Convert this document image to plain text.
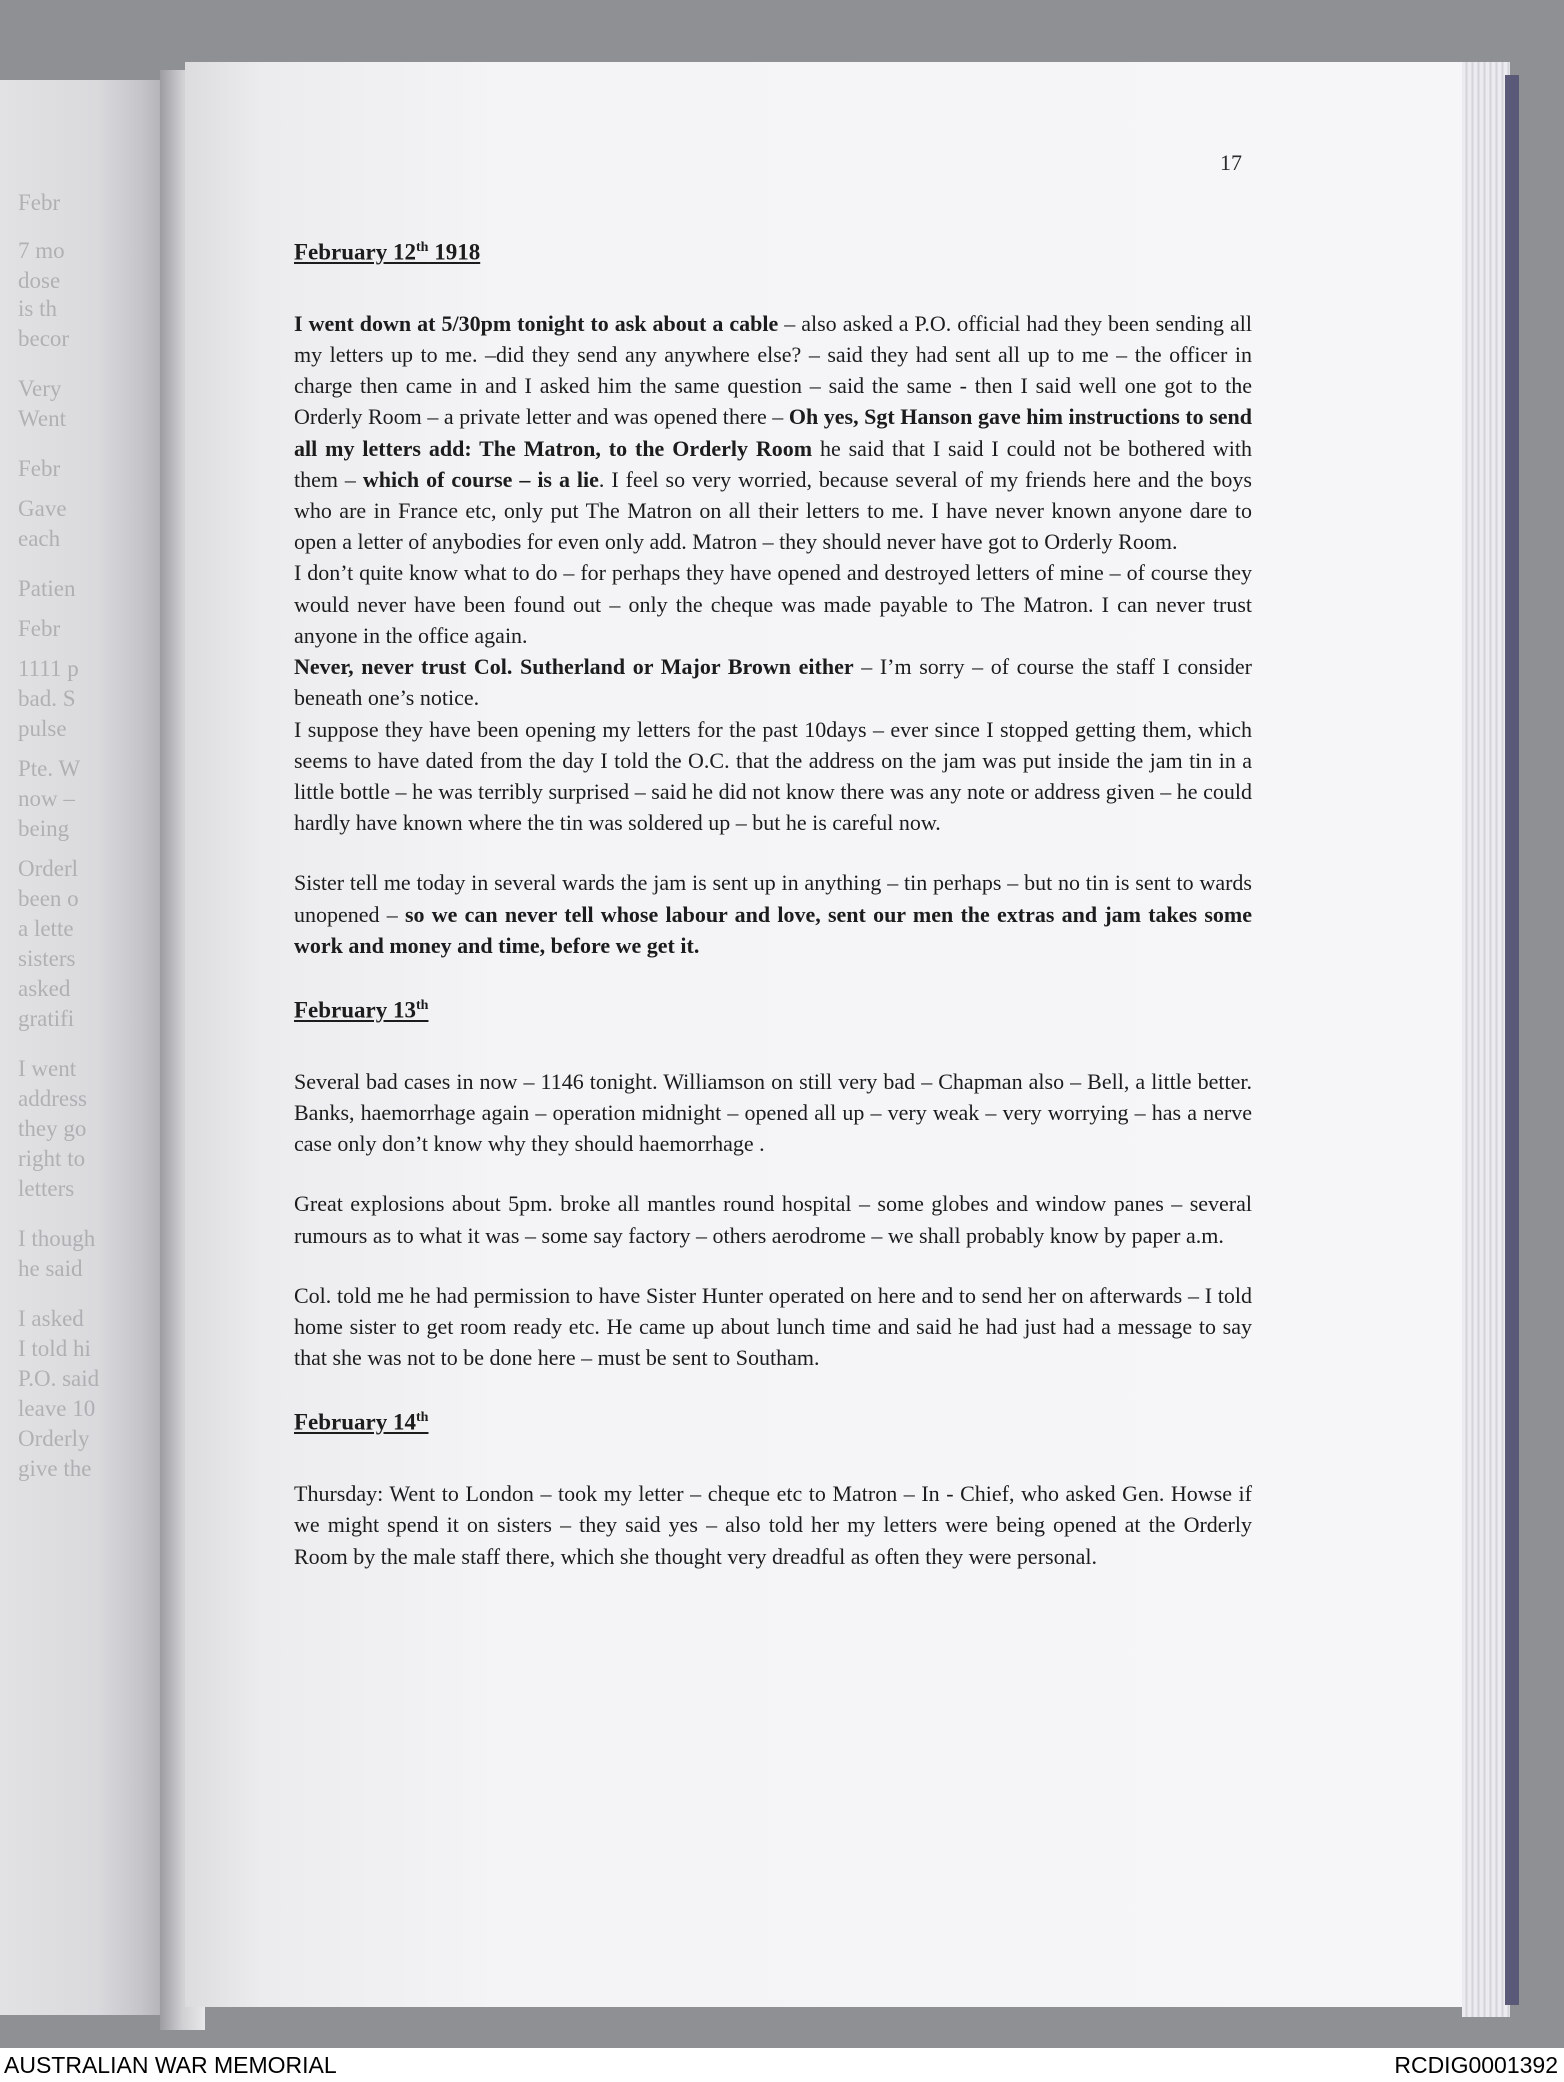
Febr
7 mo
dose
is th
becor
Very
Went
Febr
Gave
each
Patien
Febr
1111 p
bad. S
pulse
Pte. W
now –
being
Orderl
been o
a lette
sisters
asked
gratifi
I went
address
they go
right to
letters
I though
he said
I asked
I told hi
P.O. said
leave 10
Orderly
give the
17

February 12th 1918

I went down at 5/30pm tonight to ask about a cable – also asked a P.O. official had they been sending all my letters up to me. –did they send any anywhere else? – said they had sent all up to me – the officer in charge then came in and I asked him the same question – said the same - then I said well one got to the Orderly Room – a private letter and was opened there – Oh yes, Sgt Hanson gave him instructions to send all my letters add: The Matron, to the Orderly Room he said that I said I could not be bothered with them – which of course – is a lie. I feel so very worried, because several of my friends here and the boys who are in France etc, only put The Matron on all their letters to me. I have never known anyone dare to open a letter of anybodies for even only add. Matron – they should never have got to Orderly Room.

I don’t quite know what to do – for perhaps they have opened and destroyed letters of mine – of course they would never have been found out – only the cheque was made payable to The Matron. I can never trust anyone in the office again.

Never, never trust Col. Sutherland or Major Brown either – I’m sorry – of course the staff I consider beneath one’s notice.

I suppose they have been opening my letters for the past 10days – ever since I stopped getting them, which seems to have dated from the day I told the O.C. that the address on the jam was put inside the jam tin in a little bottle – he was terribly surprised – said he did not know there was any note or address given – he could hardly have known where the tin was soldered up – but he is careful now.

Sister tell me today in several wards the jam is sent up in anything – tin perhaps – but no tin is sent to wards unopened – so we can never tell whose labour and love, sent our men the extras and jam takes some work and money and time, before we get it.

February 13th

Several bad cases in now – 1146 tonight. Williamson on still very bad – Chapman also – Bell, a little better. Banks, haemorrhage again – operation midnight – opened all up – very weak – very worrying – has a nerve case only don’t know why they should haemorrhage .

Great explosions about 5pm. broke all mantles round hospital – some globes and window panes – several rumours as to what it was – some say factory – others aerodrome – we shall probably know by paper a.m.

Col. told me he had permission to have Sister Hunter operated on here and to send her on afterwards – I told home sister to get room ready etc. He came up about lunch time and said he had just had a message to say that she was not to be done here – must be sent to Southam.

February 14th

Thursday: Went to London – took my letter – cheque etc to Matron – In - Chief, who asked Gen. Howse if we might spend it on sisters – they said yes – also told her my letters were being opened at the Orderly Room by the male staff there, which she thought very dreadful as often they were personal.

AUSTRALIAN WAR MEMORIAL	RCDIG0001392
